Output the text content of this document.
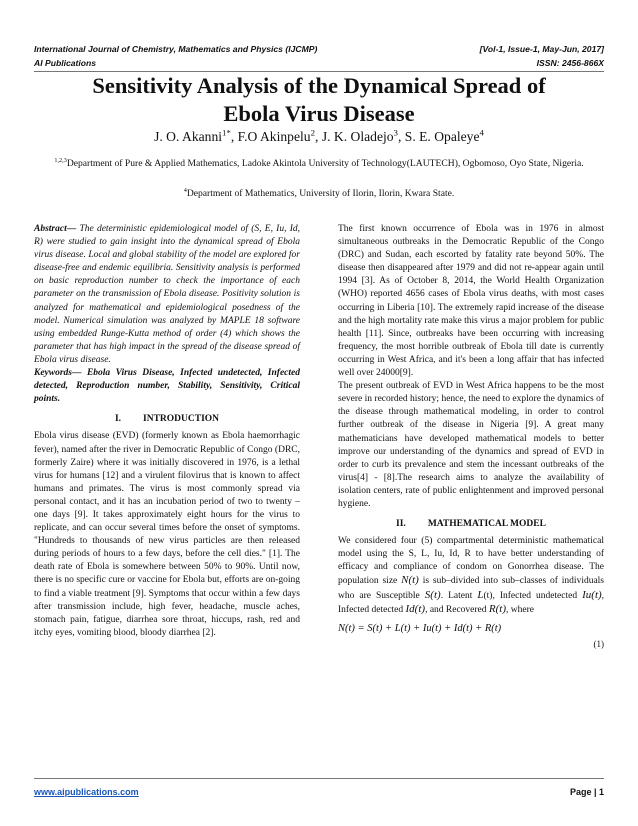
International Journal of Chemistry, Mathematics and Physics (IJCMP)	[Vol-1, Issue-1, May-Jun, 2017]
AI Publications	ISSN: 2456-866X
Sensitivity Analysis of the Dynamical Spread of
Ebola Virus Disease
J. O. Akanni$^{1*}$, F.O Akinpelu$^2$, J. K. Oladejo$^3$, S. E. Opaleye$^4$
$^{1,2,3}$Department of Pure & Applied Mathematics, Ladoke Akintola University of Technology(LAUTECH), Ogbomoso, Oyo State, Nigeria.
$^4$Department of Mathematics, University of Ilorin, Ilorin, Kwara State.

Abstract— The deterministic epidemiological model of (S, E, Iu, Id, R) were studied to gain insight into the dynamical spread of Ebola virus disease. Local and global stability of the model are explored for disease-free and endemic equilibria. Sensitivity analysis is performed on basic reproduction number to check the importance of each parameter on the transmission of Ebola disease. Positivity solution is analyzed for mathematical and epidemiological posedness of the model. Numerical simulation was analyzed by MAPLE 18 software using embedded Runge-Kutta method of order (4) which shows the parameter that has high impact in the spread of the disease spread of Ebola virus disease.

Keywords— Ebola Virus Disease, Infected undetected, Infected detected, Reproduction number, Stability, Sensitivity, Critical points.

I. INTRODUCTION

Ebola virus disease (EVD) (formerly known as Ebola haemorrhagic fever), named after the river in Democratic Republic of Congo (DRC, formerly Zaire) where it was initially discovered in 1976, is a lethal virus for humans [12] and a virulent filovirus that is known to affect humans and primates. The virus is most commonly spread via personal contact, and it has an incubation period of two to twenty – one days [9]. It takes approximately eight hours for the virus to replicate, and can occur several times before the onset of symptoms. "Hundreds to thousands of new virus particles are then released during periods of hours to a few days, before the cell dies." [1]. The death rate of Ebola is somewhere between 50% to 90%. Until now, there is no specific cure or vaccine for Ebola but, efforts are on-going to find a viable treatment [9]. Symptoms that occur within a few days after transmission include, high fever, headache, muscle aches, stomach pain, fatigue, diarrhea sore throat, hiccups, rash, red and itchy eyes, vomiting blood, bloody diarrhea [2].

The first known occurrence of Ebola was in 1976 in almost simultaneous outbreaks in the Democratic Republic of the Congo (DRC) and Sudan, each escorted by fatality rate beyond 50%. The disease then disappeared after 1979 and did not re-appear again until 1994 [3]. As of October 8, 2014, the World Health Organization (WHO) reported 4656 cases of Ebola virus deaths, with most cases occurring in Liberia [10]. The extremely rapid increase of the disease and the high mortality rate make this virus a major problem for public health [11]. Since, outbreaks have been occurring with increasing frequency, the most horrible outbreak of Ebola till date is currently occurring in West Africa, and it's been a long affair that has infected well over 24000[9].

The present outbreak of EVD in West Africa happens to be the most severe in recorded history; hence, the need to explore the dynamics of the disease through mathematical modeling, in order to control further outbreak of the disease in Nigeria [9]. A great many mathematicians have developed mathematical models to better improve our understanding of the dynamics and spread of EVD in order to curb its prevalence and stem the incessant outbreaks of the virus[4] - [8].The research aims to analyze the availability of isolation centers, rate of public enlightenment and improved personal hygiene.

II. MATHEMATICAL MODEL

We considered four (5) compartmental deterministic mathematical model using the S, L, Iu, Id, R to have better understanding of efficacy and compliance of condom on Gonorrhea disease. The population size N(t) is sub–divided into sub–classes of individuals who are Susceptible S(t). Latent L(t), Infected undetected Iu(t), Infected detected Id(t), and Recovered R(t), where

N(t) = S(t) + L(t) + Iu(t) + Id(t) + R(t)

(1)

www.aipublications.com	Page | 1
